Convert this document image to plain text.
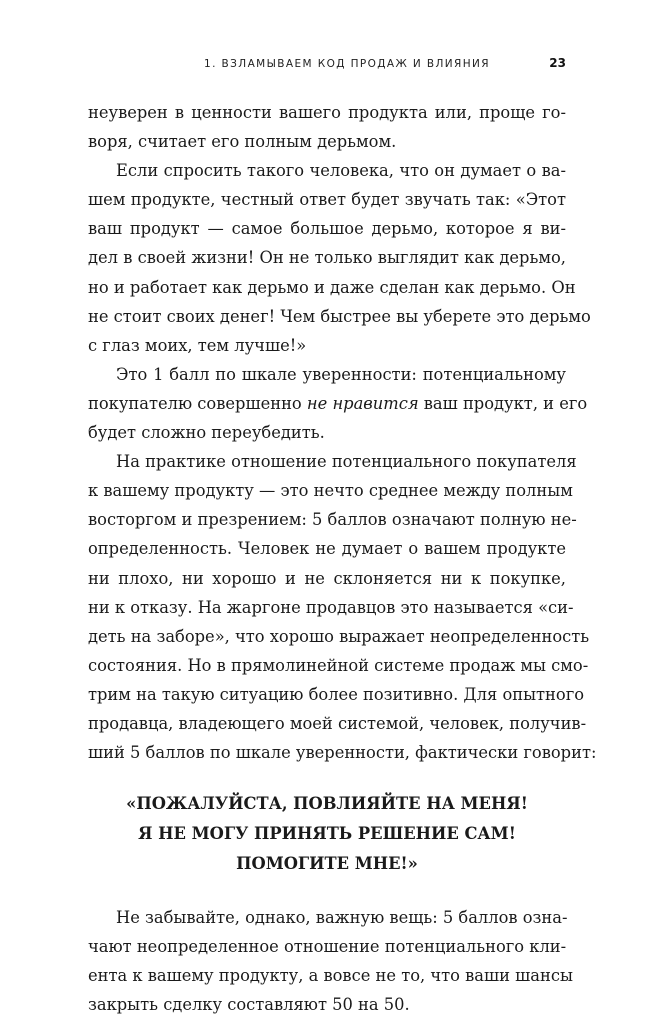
1. ВЗЛАМЫВАЕМ КОД ПРОДАЖ И ВЛИЯНИЯ	23

неуверен в ценности вашего продукта или, проще го-
воря, считает его полным дерьмом.

Если спросить такого человека, что он думает о ва-
шем продукте, честный ответ будет звучать так: «Этот
ваш продукт — самое большое дерьмо, которое я ви-
дел в своей жизни! Он не только выглядит как дерьмо,
но и работает как дерьмо и даже сделан как дерьмо. Он
не стоит своих денег! Чем быстрее вы уберете это дерьмо
с глаз моих, тем лучше!»

Это 1 балл по шкале уверенности: потенциальному
покупателю совершенно не нравится ваш продукт, и его
будет сложно переубедить.

На практике отношение потенциального покупателя
к вашему продукту — это нечто среднее между полным
восторгом и презрением: 5 баллов означают полную не-
определенность. Человек не думает о вашем продукте
ни плохо, ни хорошо и не склоняется ни к покупке,
ни к отказу. На жаргоне продавцов это называется «си-
деть на заборе», что хорошо выражает неопределенность
состояния. Но в прямолинейной системе продаж мы смо-
трим на такую ситуацию более позитивно. Для опытного
продавца, владеющего моей системой, человек, получив-
ший 5 баллов по шкале уверенности, фактически говорит:

«ПОЖАЛУЙСТА, ПОВЛИЯЙТЕ НА МЕНЯ!
Я НЕ МОГУ ПРИНЯТЬ РЕШЕНИЕ САМ!
ПОМОГИТЕ МНЕ!»

Не забывайте, однако, важную вещь: 5 баллов озна-
чают неопределенное отношение потенциального кли-
ента к вашему продукту, а вовсе не то, что ваши шансы
закрыть сделку составляют 50 на 50.
